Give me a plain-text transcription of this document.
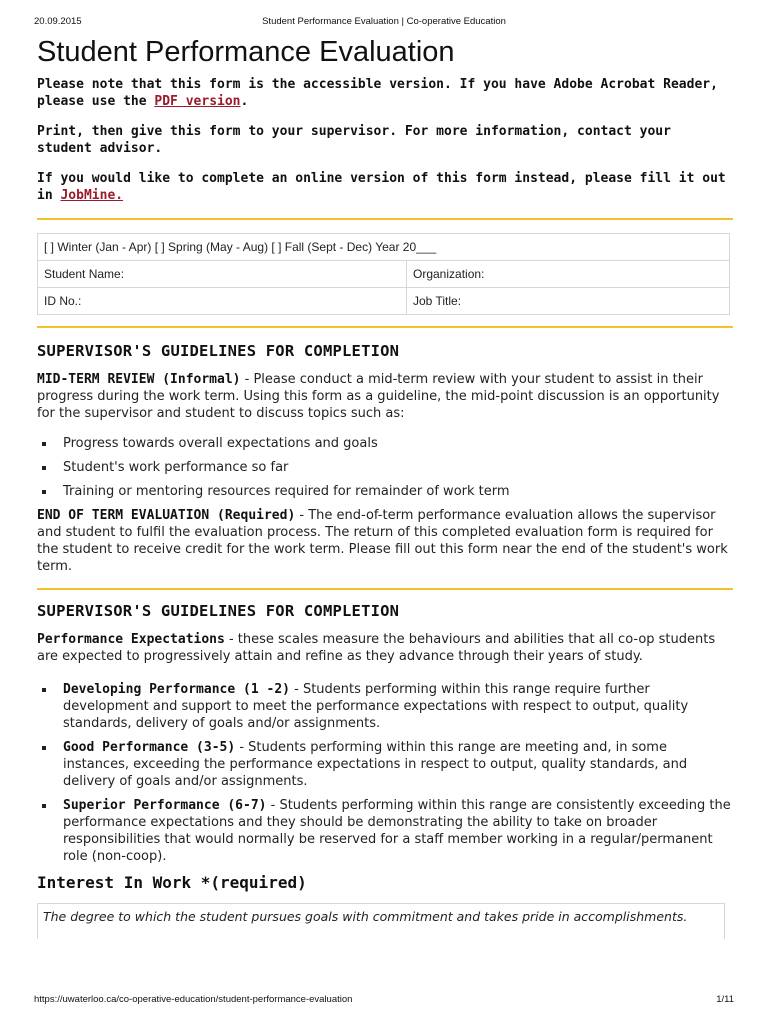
20.09.2015	Student Performance Evaluation | Co-operative Education
Student Performance Evaluation

Please note that this form is the accessible version. If you have Adobe Acrobat Reader, please use the PDF version.

Print, then give this form to your supervisor. For more information, contact your student advisor.

If you would like to complete an online version of this form instead, please fill it out in JobMine.

[ ] Winter (Jan - Apr) [ ] Spring (May - Aug) [ ] Fall (Sept - Dec) Year 20___	
Student Name:	Organization:
ID No.:	Job Title:
SUPERVISOR'S GUIDELINES FOR COMPLETION
MID-TERM REVIEW (Informal) - Please conduct a mid-term review with your student to assist in their progress during the work term. Using this form as a guideline, the mid-point discussion is an opportunity for the supervisor and student to discuss topics such as:
Progress towards overall expectations and goals
Student's work performance so far
Training or mentoring resources required for remainder of work term
END OF TERM EVALUATION (Required) - The end-of-term performance evaluation allows the supervisor and student to fulfil the evaluation process. The return of this completed evaluation form is required for the student to receive credit for the work term. Please fill out this form near the end of the student's work term.
SUPERVISOR'S GUIDELINES FOR COMPLETION
Performance Expectations - these scales measure the behaviours and abilities that all co-op students are expected to progressively attain and refine as they advance through their years of study.
Developing Performance (1 -2) - Students performing within this range require further development and support to meet the performance expectations with respect to output, quality standards, delivery of goals and/or assignments.
Good Performance (3-5) - Students performing within this range are meeting and, in some instances, exceeding the performance expectations in respect to output, quality standards, and delivery of goals and/or assignments.
Superior Performance (6-7) - Students performing within this range are consistently exceeding the performance expectations and they should be demonstrating the ability to take on broader responsibilities that would normally be reserved for a staff member working in a regular/permanent role (non-coop).
Interest In Work *(required)
The degree to which the student pursues goals with commitment and takes pride in accomplishments.
https://uwaterloo.ca/co-operative-education/student-performance-evaluation	1/11
